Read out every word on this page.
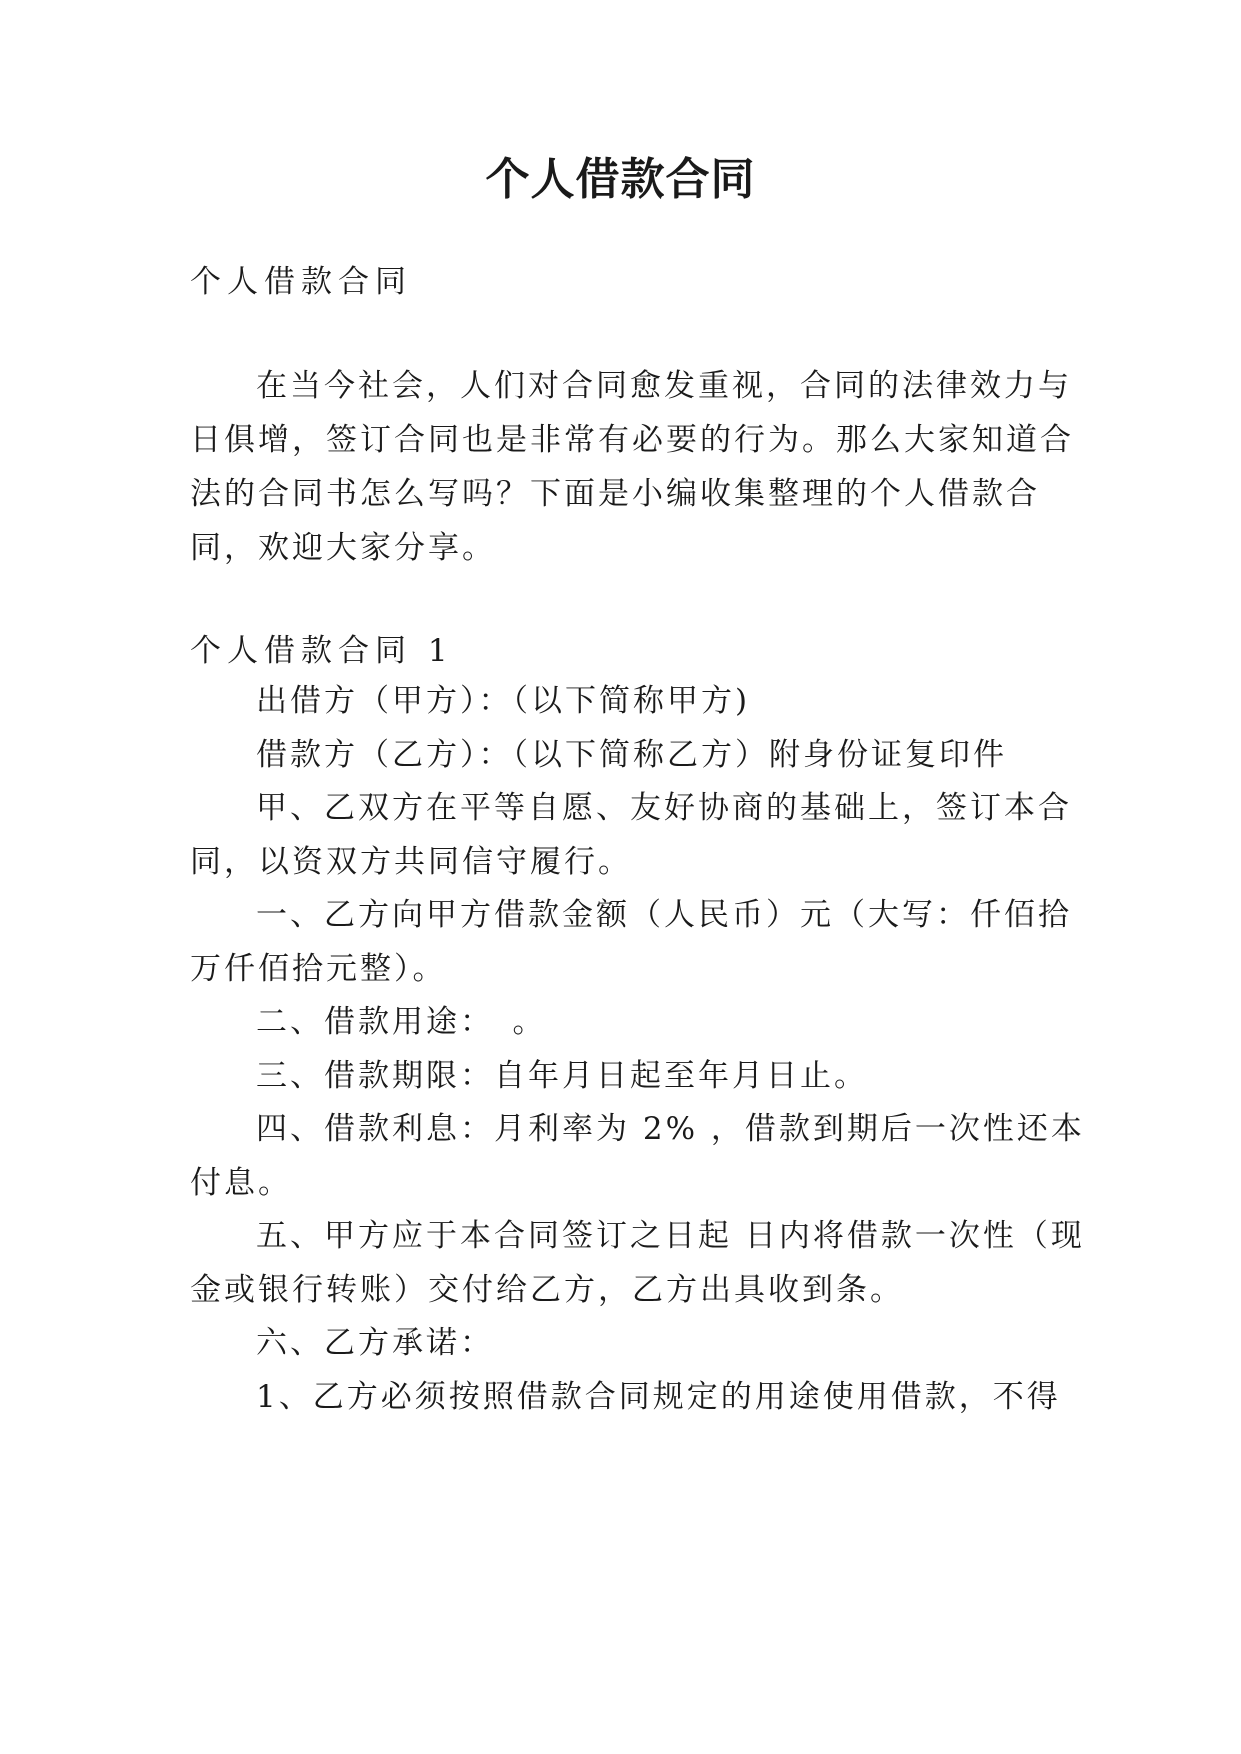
个人借款合同
个人借款合同
在当今社会，人们对合同愈发重视，合同的法律效力与
日俱增，签订合同也是非常有必要的行为。那么大家知道合
法的合同书怎么写吗？下面是小编收集整理的个人借款合
同，欢迎大家分享。
个人借款合同 1
出借方（甲方）：（以下简称甲方)
借款方（乙方）：（以下简称乙方）附身份证复印件
甲、乙双方在平等自愿、友好协商的基础上，签订本合
同，以资双方共同信守履行。
一、乙方向甲方借款金额（人民币）元（大写：仟佰拾
万仟佰拾元整）。
二、借款用途：　。
三、借款期限：自年月日起至年月日止。
四、借款利息：月利率为 2% ，借款到期后一次性还本
付息。
五、甲方应于本合同签订之日起 日内将借款一次性（现
金或银行转账）交付给乙方，乙方出具收到条。
六、乙方承诺：
1、乙方必须按照借款合同规定的用途使用借款，不得
